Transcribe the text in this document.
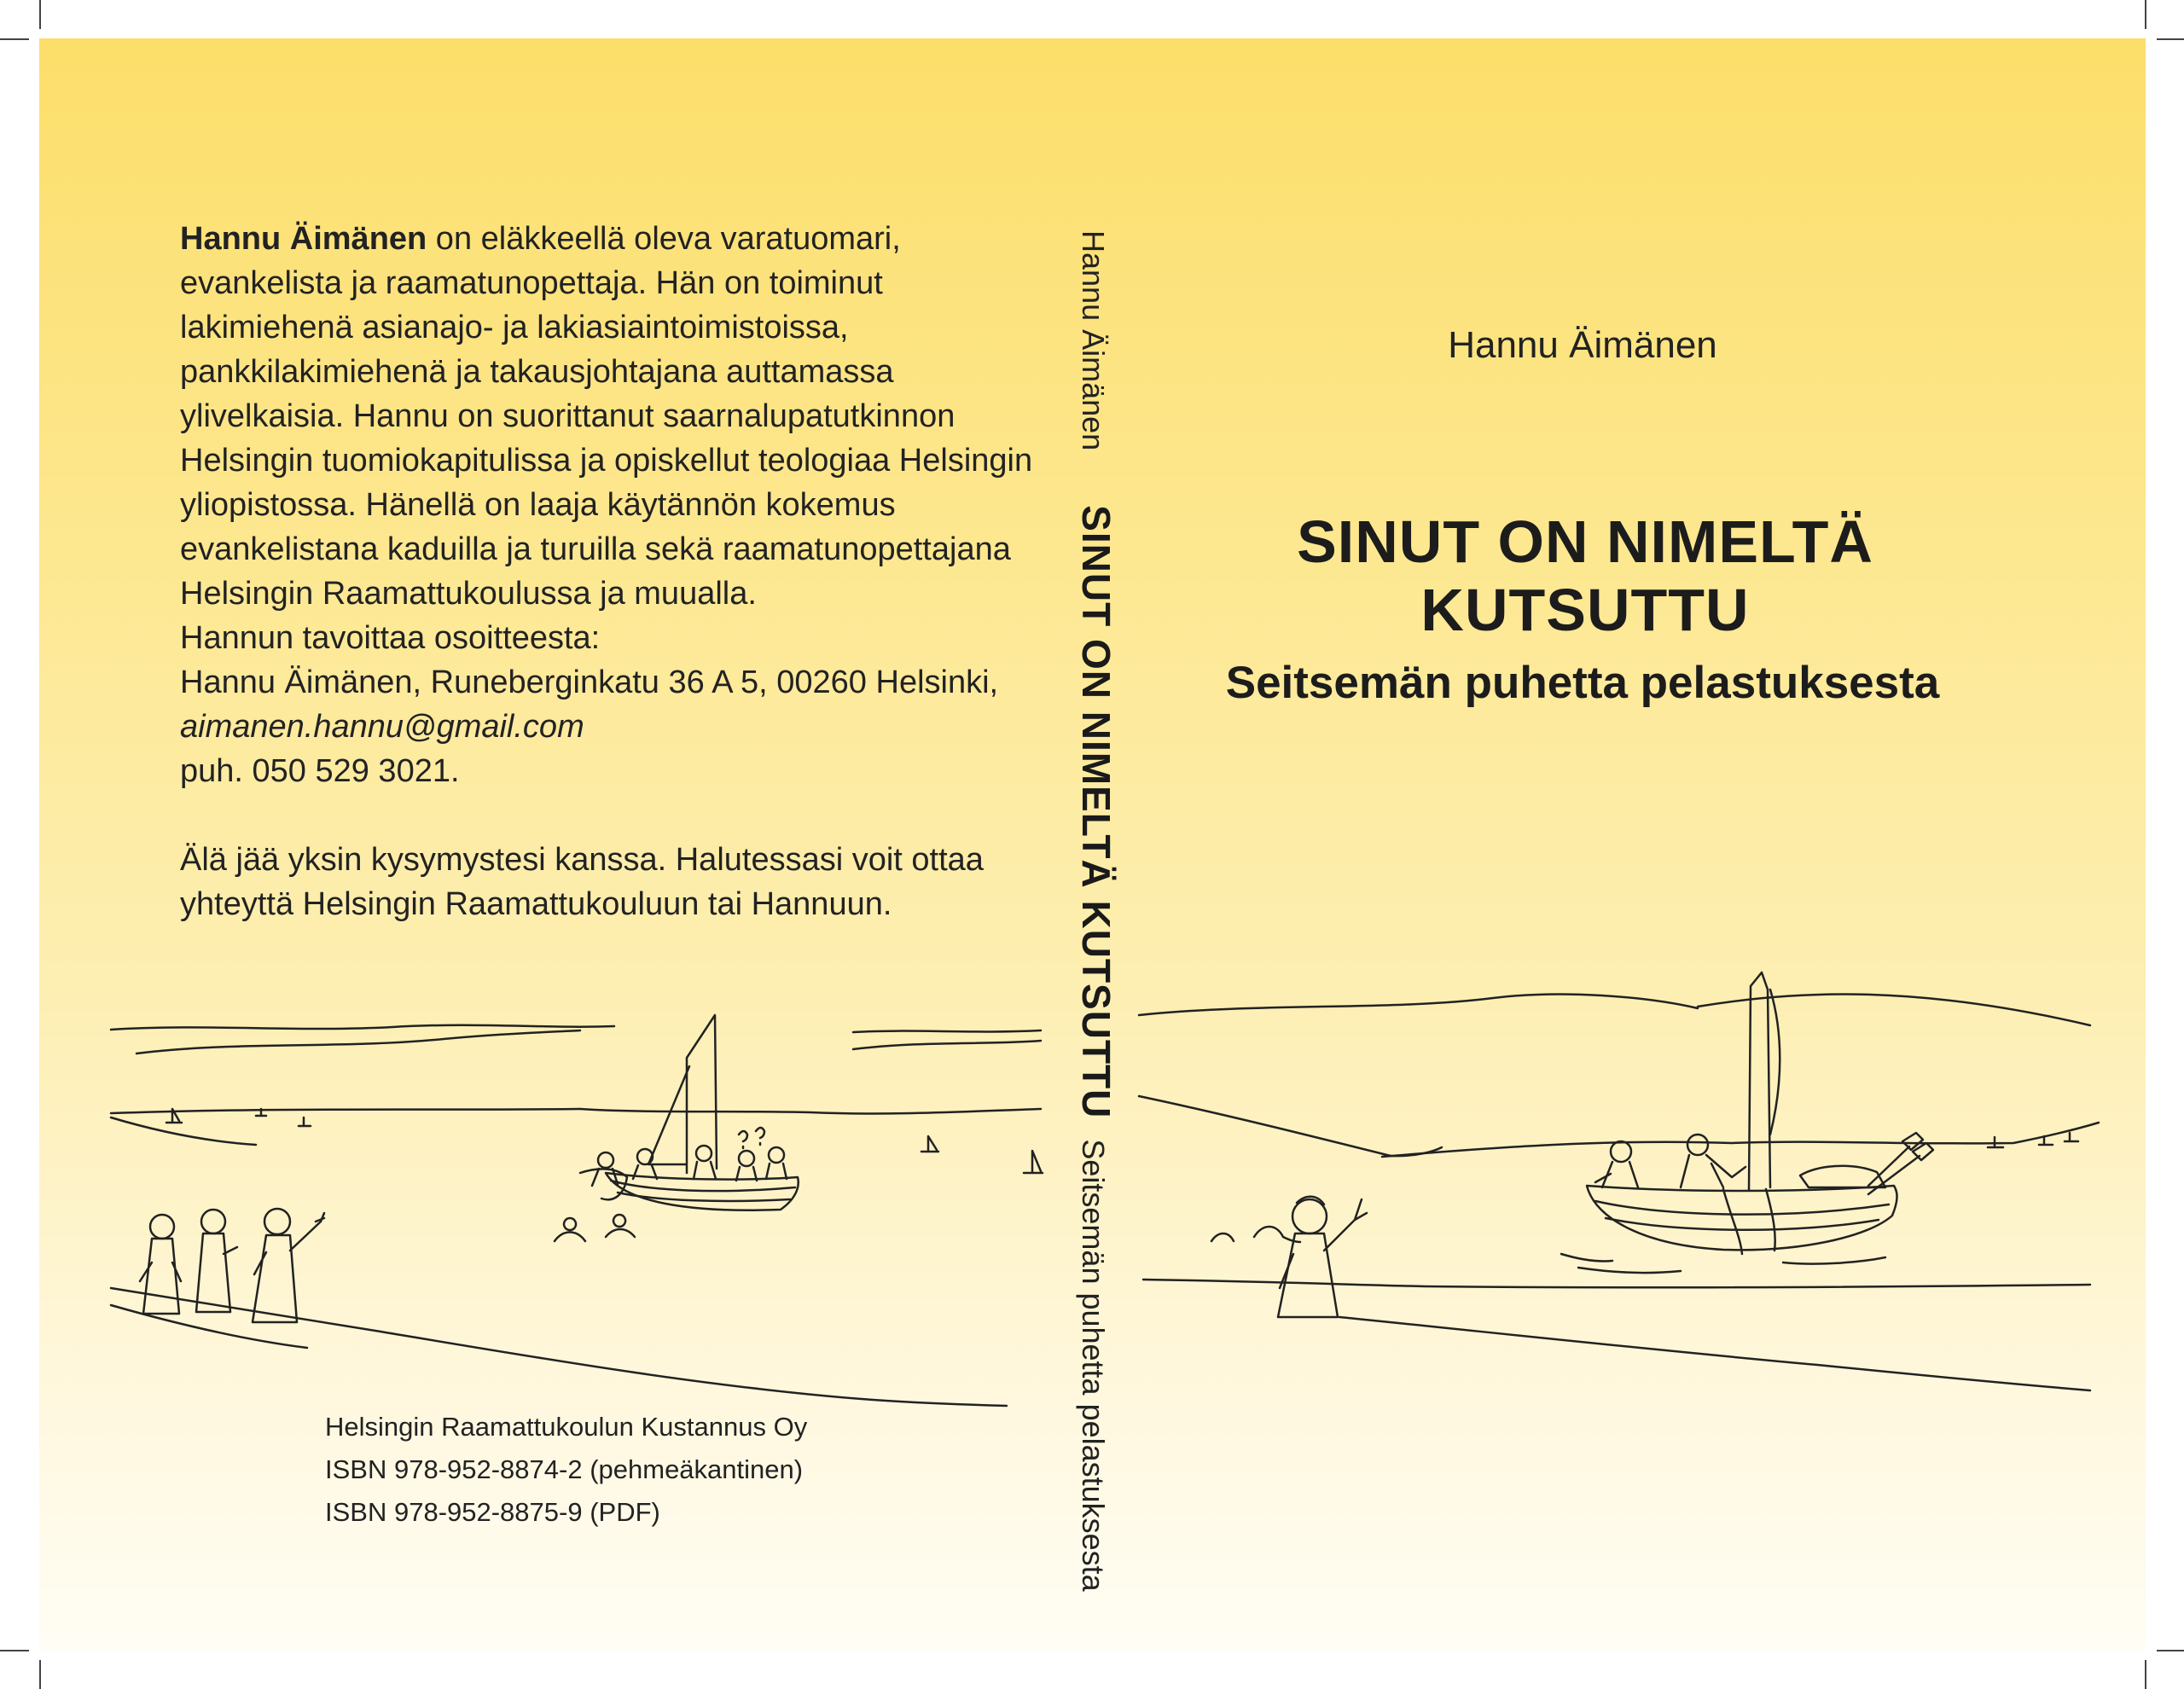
Hannu Äimänen on eläkkeellä oleva varatuomari, evankelista ja raamatunopettaja. Hän on toiminut lakimiehenä asianajo- ja lakiasiaintoimistoissa, pankkilakimiehenä ja takausjohtajana auttamassa ylivelkaisia. Hannu on suorittanut saarnalupatutkinnon Helsingin tuomiokapitulissa ja opiskellut teologiaa Helsingin yliopistossa. Hänellä on laaja käytännön kokemus evankelistana kaduilla ja turuilla sekä raamatunopettajana Helsingin Raamattukoulussa ja muualla.

Hannun tavoittaa osoitteesta:

Hannu Äimänen, Runeberginkatu 36 A 5, 00260 Helsinki,

aimanen.hannu@gmail.com

puh. 050 529 3021.

Älä jää yksin kysymystesi kanssa. Halutessasi voit ottaa yhteyttä Helsingin Raamattukouluun tai Hannuun.

Helsingin Raamattukoulun Kustannus Oy
ISBN 978-952-8874-2 (pehmeäkantinen)
ISBN 978-952-8875-9 (PDF)
Hannu Äimänen
SINUT ON NIMELTÄ KUTSUTTU
Seitsemän puhetta pelastuksesta
Hannu Äimänen
SINUT ON NIMELTÄ KUTSUTTU
Seitsemän puhetta pelastuksesta
